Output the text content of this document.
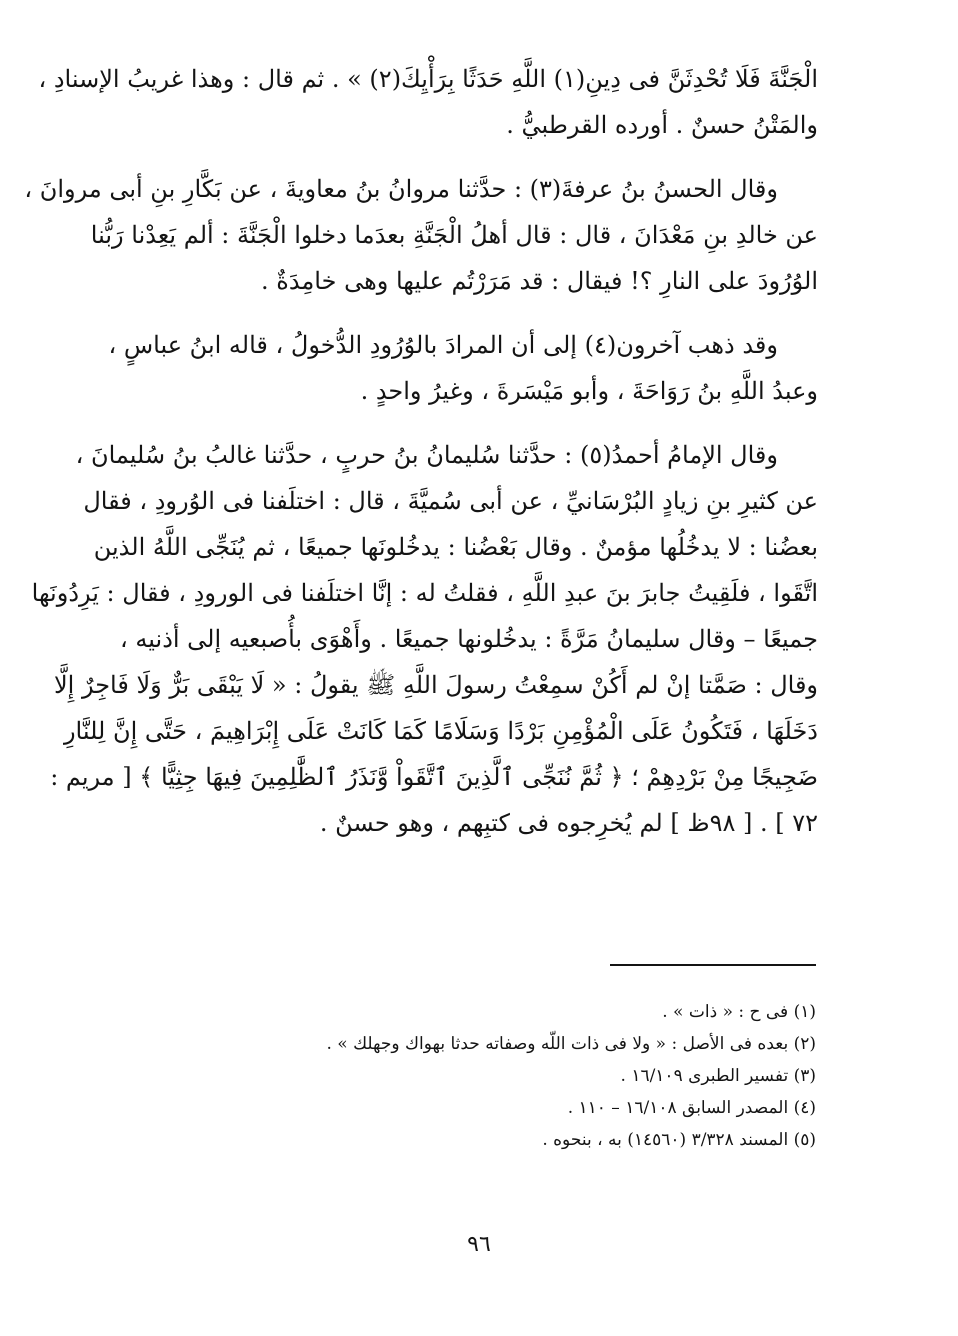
الْجَنَّةَ فَلَا تُحْدِثَنَّ فى دِينِ(١) اللَّهِ حَدَثًا بِرَأْيِكَ(٢) » . ثم قال : وهذا غريبُ الإسنادِ ،
والمَتْنُ حسنٌ . أورده القرطبيُّ .
وقال الحسنُ بنُ عرفةَ(٣) : حدَّثنا مروانُ بنُ معاويةَ ، عن بَكَّارِ بنِ أبى مروانَ ،
عن خالدِ بنِ مَعْدَانَ ، قال : قال أهلُ الْجَنَّةِ بعدَما دخلوا الْجَنَّةَ : ألم يَعِدْنا رَبُّنا
الوُرُودَ على النارِ ؟! فيقال : قد مَرَرْتُم عليها وهى خامِدَةٌ .
وقد ذهب آخرون(٤) إلى أن المرادَ بالوُرُودِ الدُّخولُ ، قاله ابنُ عباسٍ ،
وعبدُ اللَّهِ بنُ رَوَاحَةَ ، وأبو مَيْسَرةَ ، وغيرُ واحدٍ .
وقال الإمامُ أحمدُ(٥) : حدَّثنا سُليمانُ بنُ حربٍ ، حدَّثنا غالبُ بنُ سُليمانَ ،
عن كثيرِ بنِ زيادٍ البُرْسَانيِّ ، عن أبى سُميَّةَ ، قال : اختلَفنا فى الوُرودِ ، فقال
بعضُنا : لا يدخُلُها مؤمنٌ . وقال بَعْضُنا : يدخُلونَها جميعًا ، ثم يُنَجِّى اللَّهُ الذين
اتَّقَوا ، فلَقِيتُ جابرَ بنَ عبدِ اللَّهِ ، فقلتُ له : إنَّا اختلَفنا فى الورودِ ، فقال : يَرِدُونَها
جميعًا – وقال سليمانُ مَرَّةً : يدخُلونها جميعًا . وأَهْوَى بأُصبعيه إلى أذنيه ،
وقال : صَمَّتا إنْ لم أَكُنْ سمِعْتُ رسولَ اللَّهِ ﷺ يقولُ : « لَا يَبْقَى بَرٌّ وَلَا فَاجِرٌ إِلَّا
دَخَلَهَا ، فَتَكُونُ عَلَى الْمُؤْمِنِ بَرْدًا وَسَلَامًا كَمَا كَانَتْ عَلَى إِبْرَاهِيمَ ، حَتَّى إِنَّ لِلنَّارِ
ضَجِيجًا مِنْ بَرْدِهِمْ ؛ ﴿ ثُمَّ نُنَجِّى ٱلَّذِينَ ٱتَّقَواْ وَّنَذَرُ ٱلظَّٰلِمِينَ فِيهَا جِثِيًّا ﴾ [ مريم :
٧٢ ] . [ ٩٨ظ ] لم يُخرِجوه فى كتبِهم ، وهو حسنٌ .
(١) فى ح : « ذات » .
(٢) بعده فى الأصل : « ولا فى ذات اللّه وصفاته حدثا بهواك وجهلك » .
(٣) تفسير الطبرى ١٦/١٠٩ .
(٤) المصدر السابق ١٦/١٠٨ – ١١٠ .
(٥) المسند ٣/٣٢٨ (١٤٥٦٠) به ، بنحوه .
٩٦
